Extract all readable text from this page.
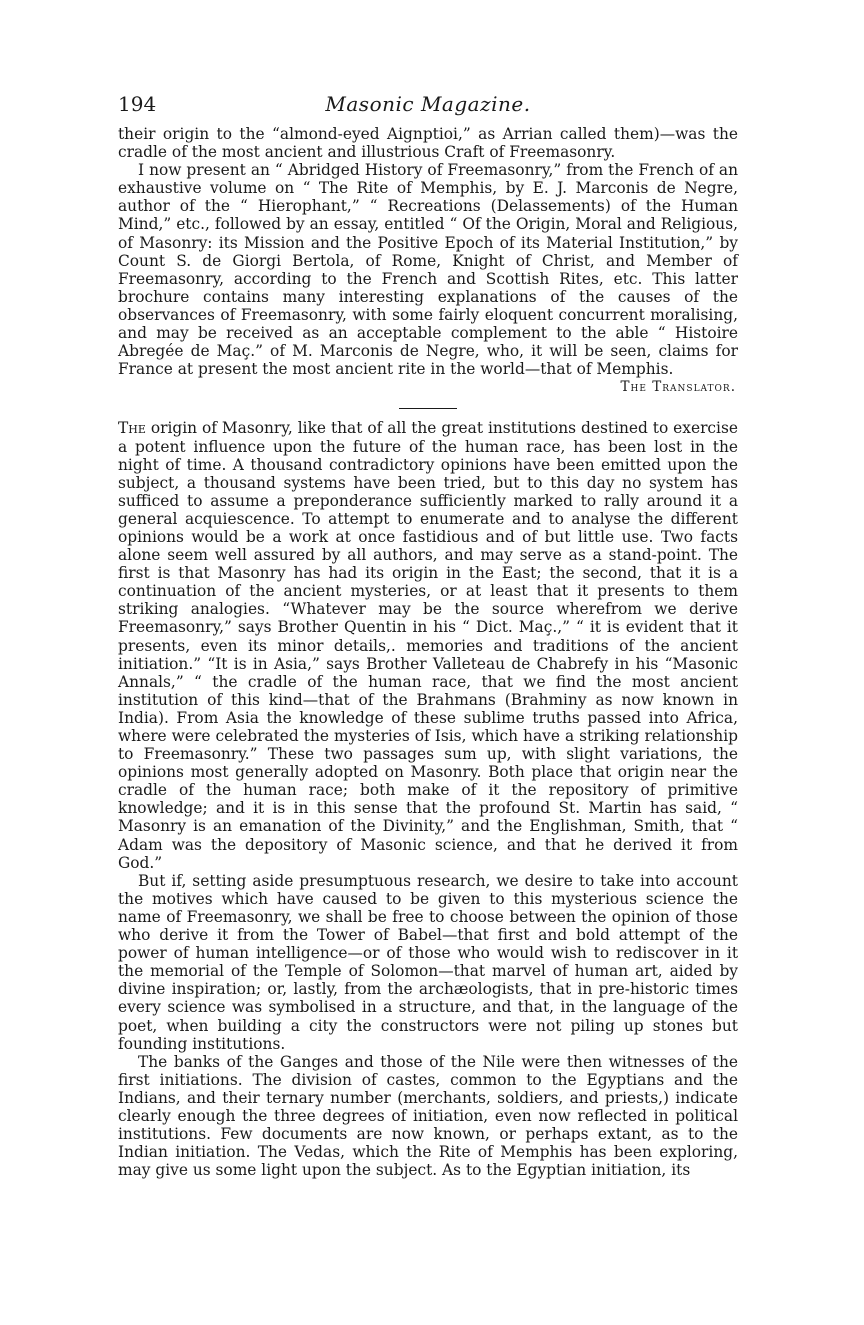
194	Masonic Magazine.

their origin to the “almond-eyed Aignptioi,” as Arrian called them)—was the cradle of the most ancient and illustrious Craft of Freemasonry.

I now present an “ Abridged History of Freemasonry,” from the French of an exhaustive volume on “ The Rite of Memphis, by E. J. Marconis de Negre, author of the “ Hierophant,” “ Recreations (Delassements) of the Human Mind,” etc., followed by an essay, entitled “ Of the Origin, Moral and Religious, of Masonry: its Mission and the Positive Epoch of its Material Institution,” by Count S. de Giorgi Bertola, of Rome, Knight of Christ, and Member of Freemasonry, according to the French and Scottish Rites, etc. This latter brochure contains many interesting explanations of the causes of the observances of Freemasonry, with some fairly eloquent concurrent moralising, and may be received as an acceptable complement to the able “ Histoire Abregée de Maç.” of M. Marconis de Negre, who, it will be seen, claims for France at present the most ancient rite in the world—that of Memphis.

The Translator.

The origin of Masonry, like that of all the great institutions destined to exercise a potent influence upon the future of the human race, has been lost in the night of time. A thousand contradictory opinions have been emitted upon the subject, a thousand systems have been tried, but to this day no system has sufficed to assume a preponderance sufficiently marked to rally around it a general acquiescence. To attempt to enumerate and to analyse the different opinions would be a work at once fastidious and of but little use. Two facts alone seem well assured by all authors, and may serve as a stand-point. The first is that Masonry has had its origin in the East; the second, that it is a continuation of the ancient mysteries, or at least that it presents to them striking analogies. “Whatever may be the source wherefrom we derive Freemasonry,” says Brother Quentin in his “ Dict. Maç.,” “ it is evident that it presents, even its minor details,. memories and traditions of the ancient initiation.” “It is in Asia,” says Brother Valleteau de Chabrefy in his “Masonic Annals,” “ the cradle of the human race, that we find the most ancient institution of this kind—that of the Brahmans (Brahminy as now known in India). From Asia the knowledge of these sublime truths passed into Africa, where were celebrated the mysteries of Isis, which have a striking relationship to Freemasonry.” These two passages sum up, with slight variations, the opinions most generally adopted on Masonry. Both place that origin near the cradle of the human race; both make of it the repository of primitive knowledge; and it is in this sense that the profound St. Martin has said, “ Masonry is an emanation of the Divinity,” and the Englishman, Smith, that “ Adam was the depository of Masonic science, and that he derived it from God.”

But if, setting aside presumptuous research, we desire to take into account the motives which have caused to be given to this mysterious science the name of Freemasonry, we shall be free to choose between the opinion of those who derive it from the Tower of Babel—that first and bold attempt of the power of human intelligence—or of those who would wish to rediscover in it the memorial of the Temple of Solomon—that marvel of human art, aided by divine inspiration; or, lastly, from the archæologists, that in pre-historic times every science was symbolised in a structure, and that, in the language of the poet, when building a city the constructors were not piling up stones but founding institutions.

The banks of the Ganges and those of the Nile were then witnesses of the first initiations. The division of castes, common to the Egyptians and the Indians, and their ternary number (merchants, soldiers, and priests,) indicate clearly enough the three degrees of initiation, even now reflected in political institutions. Few documents are now known, or perhaps extant, as to the Indian initiation. The Vedas, which the Rite of Memphis has been exploring, may give us some light upon the subject. As to the Egyptian initiation, its
